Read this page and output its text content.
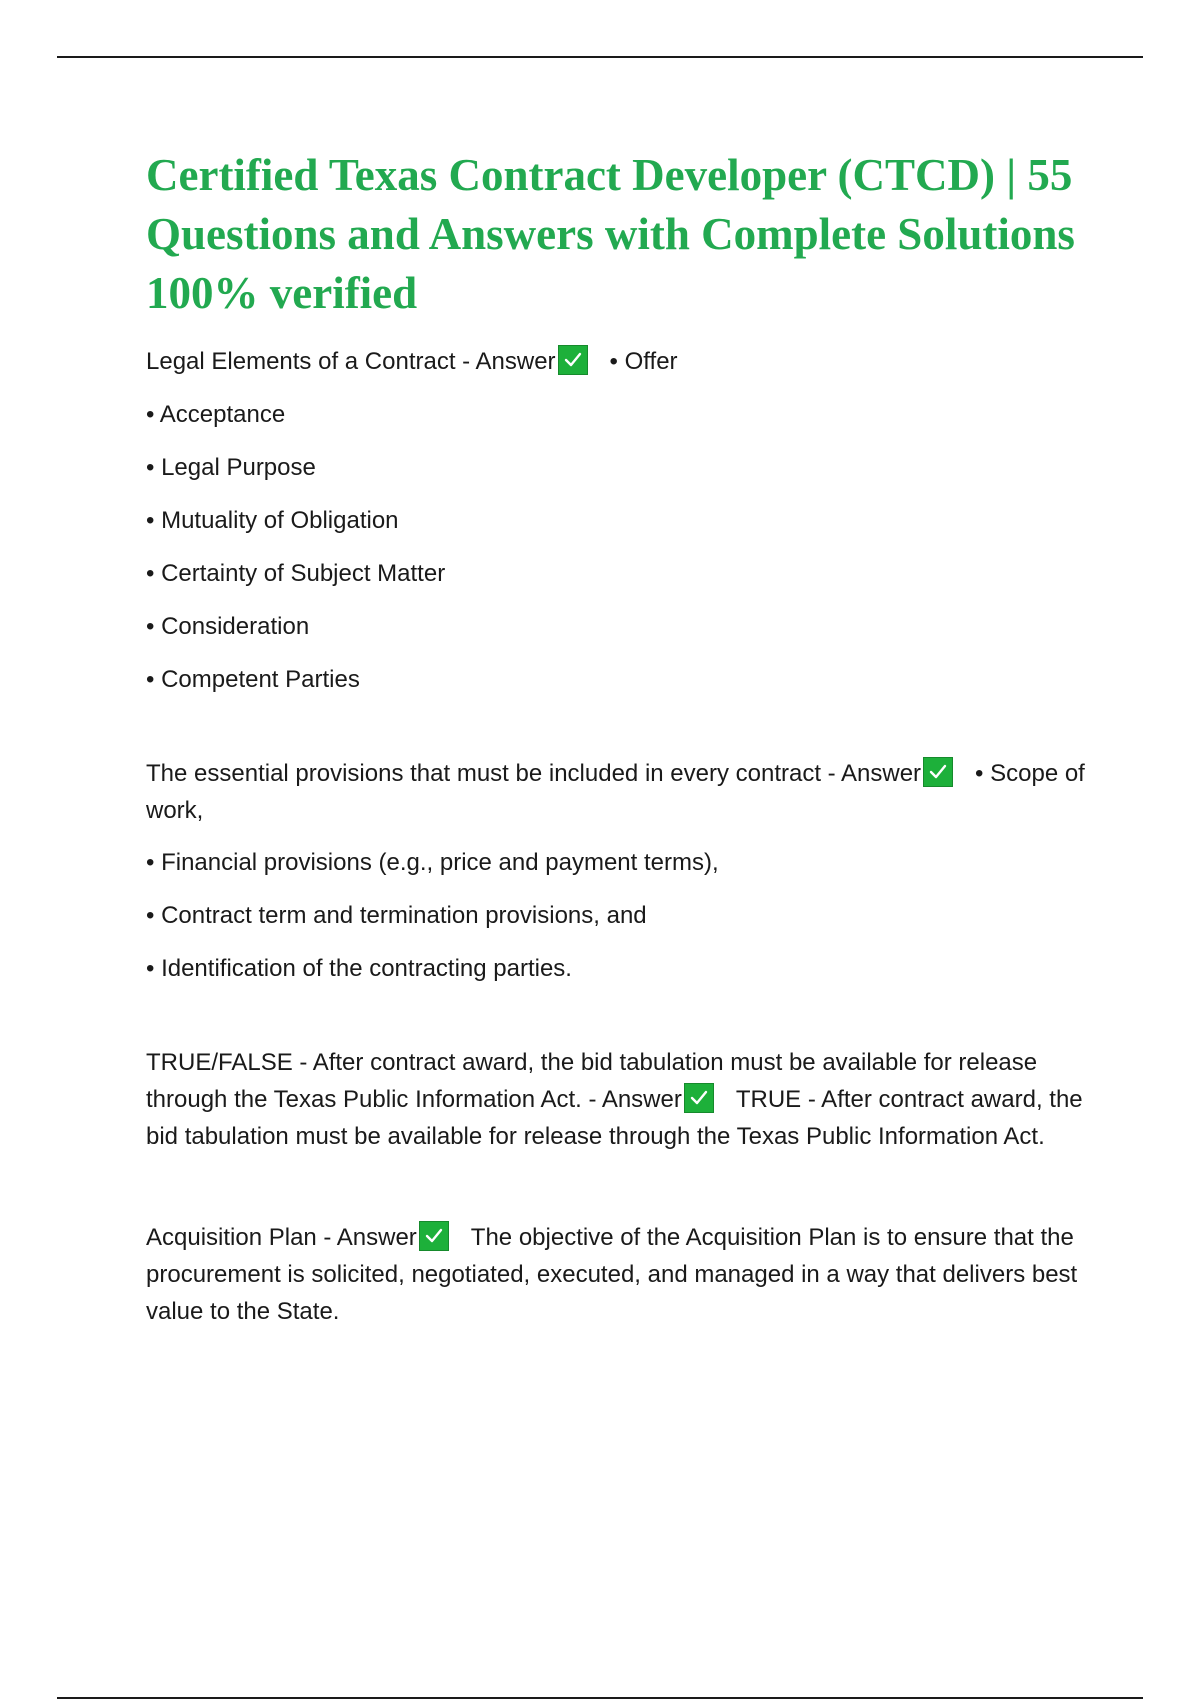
Certified Texas Contract Developer (CTCD) | 55 Questions and Answers with Complete Solutions 100% verified

Legal Elements of a Contract - Answer • Offer

• Acceptance
• Legal Purpose
• Mutuality of Obligation
• Certainty of Subject Matter
• Consideration
• Competent Parties

The essential provisions that must be included in every contract - Answer • Scope of work,

• Financial provisions (e.g., price and payment terms),
• Contract term and termination provisions, and
• Identification of the contracting parties.

TRUE/FALSE - After contract award, the bid tabulation must be available for release through the Texas Public Information Act. - Answer TRUE - After contract award, the bid tabulation must be available for release through the Texas Public Information Act.

Acquisition Plan - Answer The objective of the Acquisition Plan is to ensure that the procurement is solicited, negotiated, executed, and managed in a way that delivers best value to the State.
